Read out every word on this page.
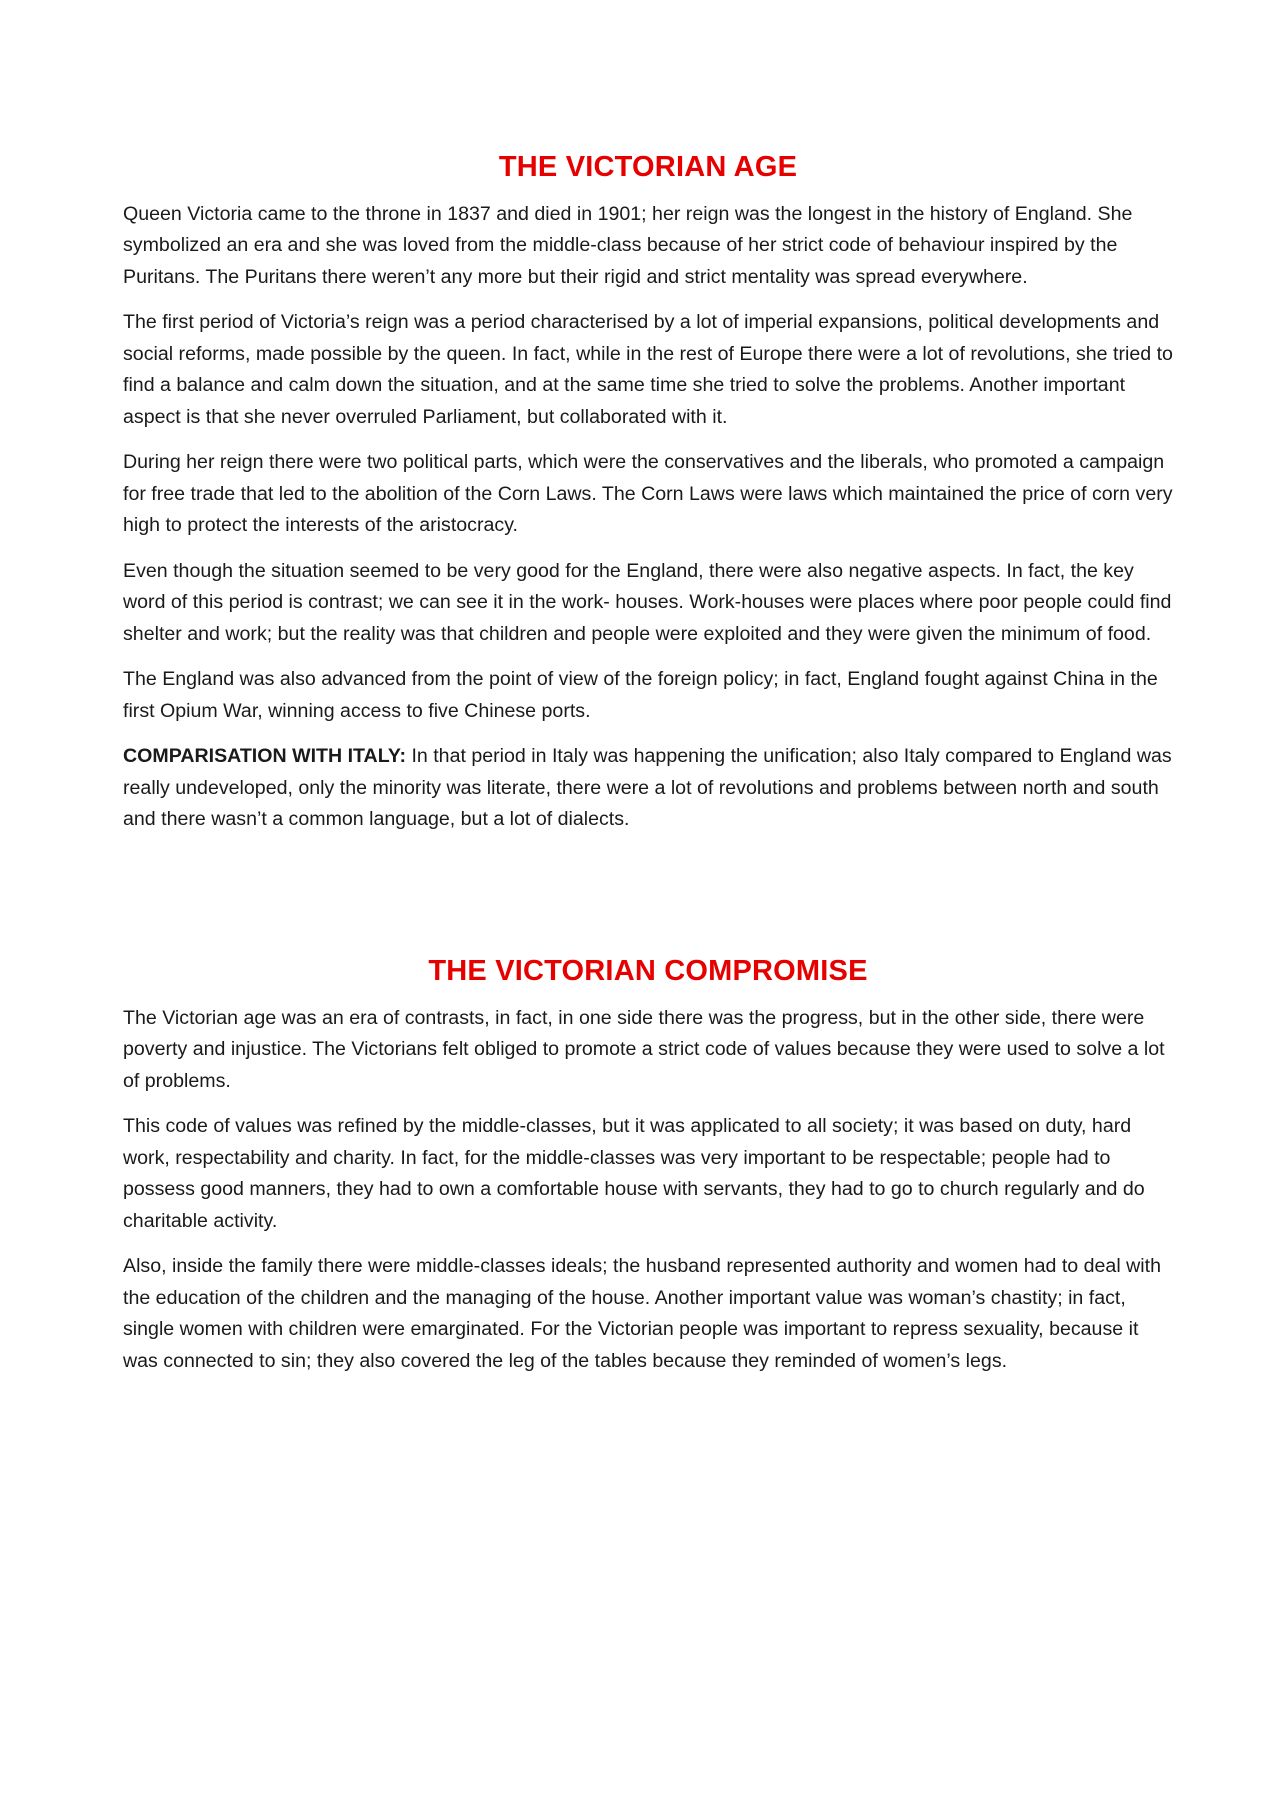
THE VICTORIAN AGE

Queen Victoria came to the throne in 1837 and died in 1901; her reign was the longest in the history of England. She symbolized an era and she was loved from the middle-class because of her strict code of behaviour inspired by the Puritans. The Puritans there weren’t any more but their rigid and strict mentality was spread everywhere.

The first period of Victoria’s reign was a period characterised by a lot of imperial expansions, political developments and social reforms, made possible by the queen. In fact, while in the rest of Europe there were a lot of revolutions, she tried to find a balance and calm down the situation, and at the same time she tried to solve the problems. Another important aspect is that she never overruled Parliament, but collaborated with it.

During her reign there were two political parts, which were the conservatives and the liberals, who promoted a campaign for free trade that led to the abolition of the Corn Laws. The Corn Laws were laws which maintained the price of corn very high to protect the interests of the aristocracy.

Even though the situation seemed to be very good for the England, there were also negative aspects. In fact, the key word of this period is contrast; we can see it in the work- houses. Work-houses were places where poor people could find shelter and work; but the reality was that children and people were exploited and they were given the minimum of food.

The England was also advanced from the point of view of the foreign policy; in fact, England fought against China in the first Opium War, winning access to five Chinese ports.

COMPARISATION WITH ITALY: In that period in Italy was happening the unification; also Italy compared to England was really undeveloped, only the minority was literate, there were a lot of revolutions and problems between north and south and there wasn’t a common language, but a lot of dialects.

THE VICTORIAN COMPROMISE

The Victorian age was an era of contrasts, in fact, in one side there was the progress, but in the other side, there were poverty and injustice. The Victorians felt obliged to promote a strict code of values because they were used to solve a lot of problems.

This code of values was refined by the middle-classes, but it was applicated to all society; it was based on duty, hard work, respectability and charity. In fact, for the middle-classes was very important to be respectable; people had to possess good manners, they had to own a comfortable house with servants, they had to go to church regularly and do charitable activity.

Also, inside the family there were middle-classes ideals; the husband represented authority and women had to deal with the education of the children and the managing of the house. Another important value was woman’s chastity; in fact, single women with children were emarginated. For the Victorian people was important to repress sexuality, because it was connected to sin; they also covered the leg of the tables because they reminded of women’s legs.
